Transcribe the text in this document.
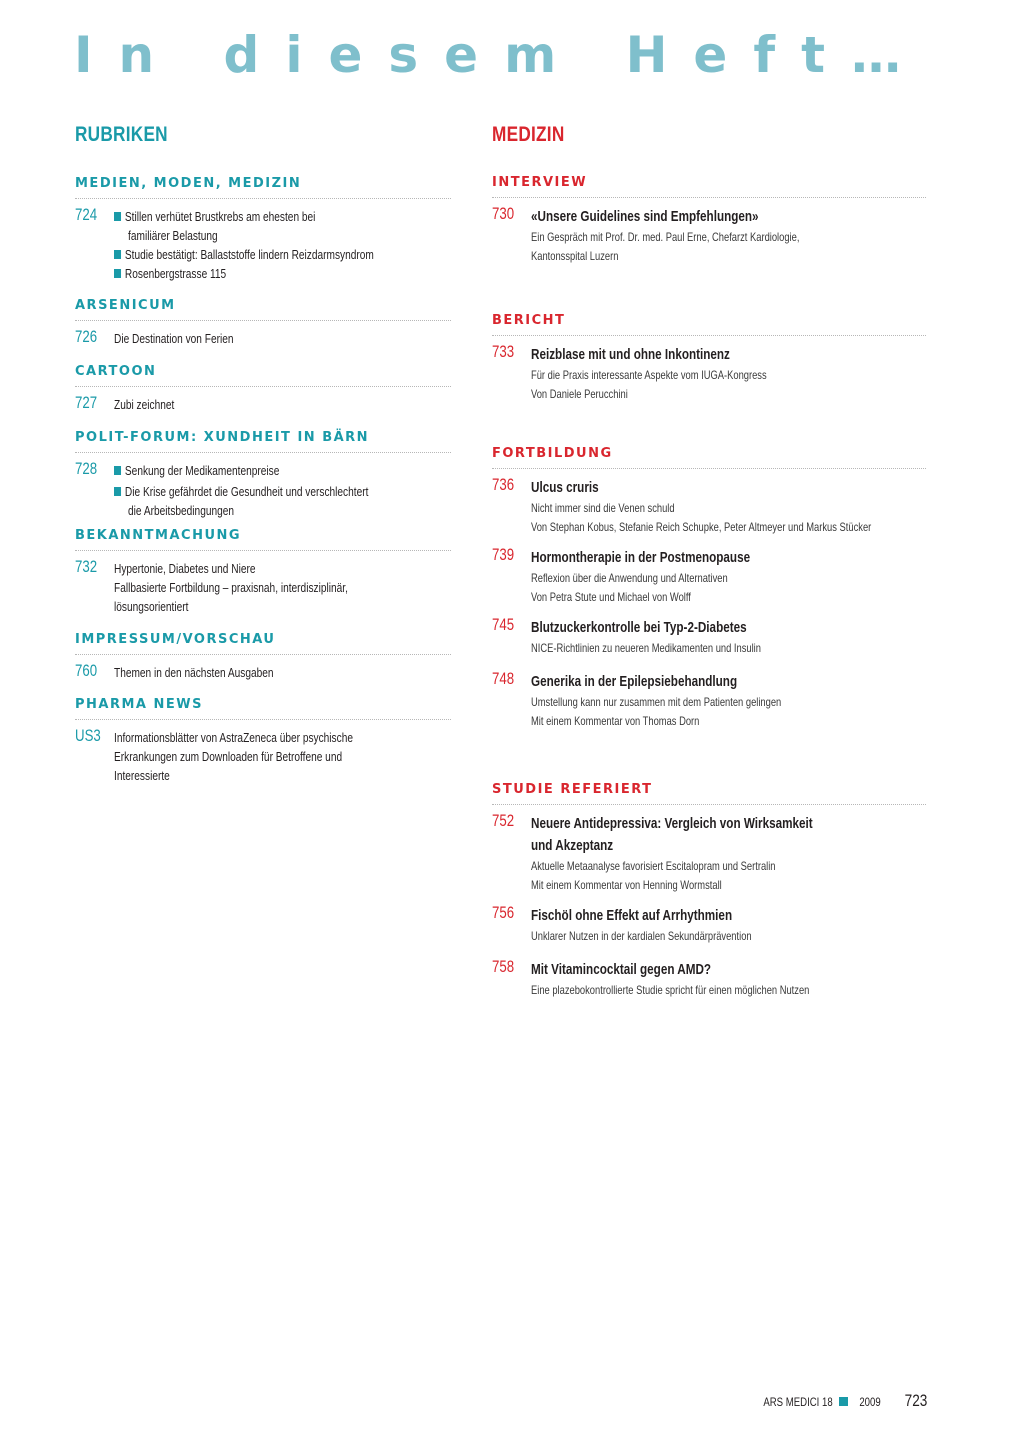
In diesem Heft…
RUBRIKEN
MEDIEN, MODEN, MEDIZIN
724	Stillen verhütet Brustkrebs am ehesten bei
familiärer Belastung
Studie bestätigt: Ballaststoffe lindern Reizdarmsyndrom
Rosenbergstrasse 115
ARSENICUM
726 Die Destination von Ferien
CARTOON
727 Zubi zeichnet
POLIT-FORUM: XUNDHEIT IN BÄRN
728	Senkung der Medikamentenpreise
Die Krise gefährdet die Gesundheit und verschlechtert
die Arbeitsbedingungen
BEKANNTMACHUNG
732 Hypertonie, Diabetes und Niere
Fallbasierte Fortbildung – praxisnah, interdisziplinär,
lösungsorientiert
IMPRESSUM/VORSCHAU
760 Themen in den nächsten Ausgaben
PHARMA NEWS
US3 Informationsblätter von AstraZeneca über psychische
Erkrankungen zum Downloaden für Betroffene und
Interessierte
MEDIZIN
INTERVIEW
730 «Unsere Guidelines sind Empfehlungen»
Ein Gespräch mit Prof. Dr. med. Paul Erne, Chefarzt Kardiologie,
Kantonsspital Luzern
BERICHT
733 Reizblase mit und ohne Inkontinenz
Für die Praxis interessante Aspekte vom IUGA-Kongress
Von Daniele Perucchini
FORTBILDUNG
736 Ulcus cruris
Nicht immer sind die Venen schuld
Von Stephan Kobus, Stefanie Reich Schupke, Peter Altmeyer und Markus Stücker
739 Hormontherapie in der Postmenopause
Reflexion über die Anwendung und Alternativen
Von Petra Stute und Michael von Wolff
745 Blutzuckerkontrolle bei Typ-2-Diabetes
NICE-Richtlinien zu neueren Medikamenten und Insulin
748 Generika in der Epilepsiebehandlung
Umstellung kann nur zusammen mit dem Patienten gelingen
Mit einem Kommentar von Thomas Dorn
STUDIE REFERIERT
752 Neuere Antidepressiva: Vergleich von Wirksamkeit
und Akzeptanz
Aktuelle Metaanalyse favorisiert Escitalopram und Sertralin
Mit einem Kommentar von Henning Wormstall
756 Fischöl ohne Effekt auf Arrhythmien
Unklarer Nutzen in der kardialen Sekundärprävention
758 Mit Vitamincocktail gegen AMD?
Eine plazebokontrollierte Studie spricht für einen möglichen Nutzen
ARS MEDICI 18 2009 723
